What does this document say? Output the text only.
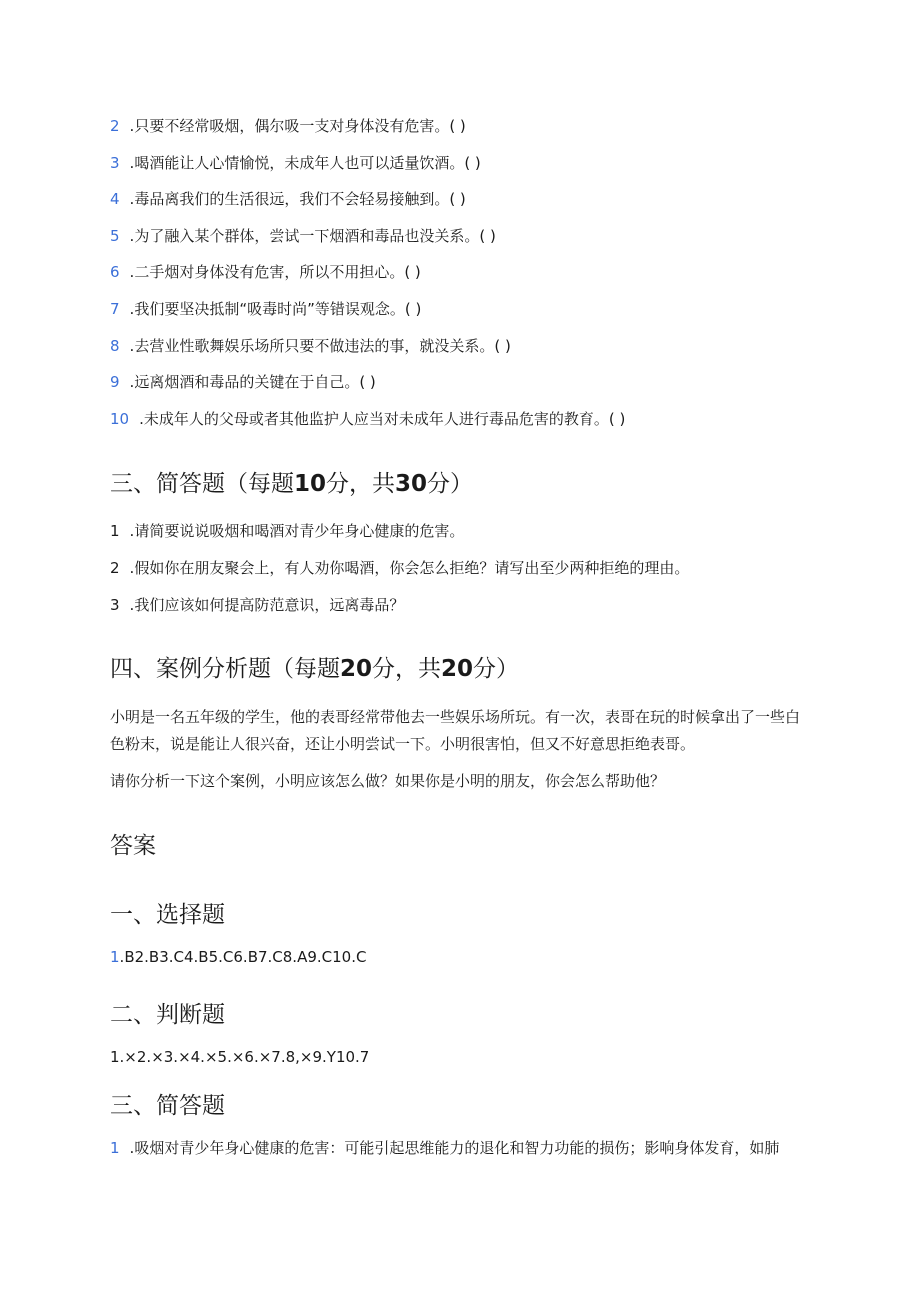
2 .只要不经常吸烟，偶尔吸一支对身体没有危害。( )
3 .喝酒能让人心情愉悦，未成年人也可以适量饮酒。( )
4 .毒品离我们的生活很远，我们不会轻易接触到。( )
5 .为了融入某个群体，尝试一下烟酒和毒品也没关系。( )
6 .二手烟对身体没有危害，所以不用担心。( )
7 .我们要坚决抵制“吸毒时尚”等错误观念。( )
8 .去营业性歌舞娱乐场所只要不做违法的事，就没关系。( )
9 .远离烟酒和毒品的关键在于自己。( )
10 .未成年人的父母或者其他监护人应当对未成年人进行毒品危害的教育。( )
三、简答题（每题10分，共30分）
1 .请简要说说吸烟和喝酒对青少年身心健康的危害。
2 .假如你在朋友聚会上，有人劝你喝酒，你会怎么拒绝？请写出至少两种拒绝的理由。
3 .我们应该如何提高防范意识，远离毒品？
四、案例分析题（每题20分，共20分）
小明是一名五年级的学生，他的表哥经常带他去一些娱乐场所玩。有一次，表哥在玩的时候拿出了一些白色粉末，说是能让人很兴奋，还让小明尝试一下。小明很害怕，但又不好意思拒绝表哥。
请你分析一下这个案例，小明应该怎么做？如果你是小明的朋友，你会怎么帮助他？
答案
一、选择题
1.B2.B3.C4.B5.C6.B7.C8.A9.C10.C
二、判断题
1.×2.×3.×4.×5.×6.×7.8,×9.Y10.7
三、简答题
1 .吸烟对青少年身心健康的危害：可能引起思维能力的退化和智力功能的损伤；影响身体发育，如肺
